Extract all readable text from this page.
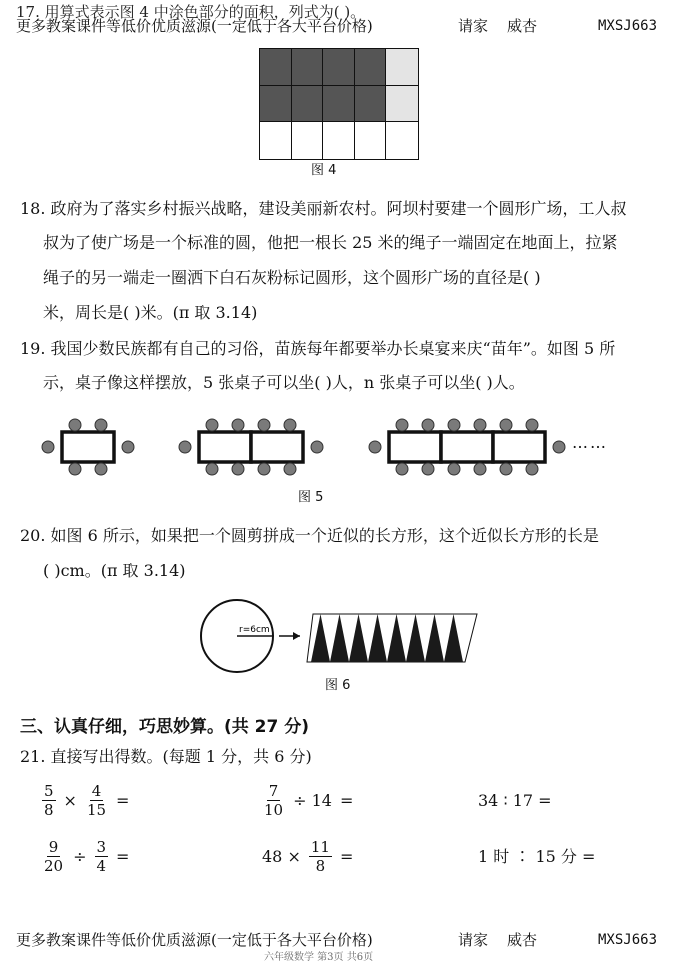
17. 用算式表示图 4 中涂色部分的面积，列式为( )。
更多教案课件等低价优质滋源(一定低于各大平台价格)	请家 威杏	MXSJ663
图 4
18. 政府为了落实乡村振兴战略，建设美丽新农村。阿坝村要建一个圆形广场，工人叔
叔为了使广场是一个标准的圆，他把一根长 25 米的绳子一端固定在地面上，拉紧
绳子的另一端走一圈洒下白石灰粉标记圆形，这个圆形广场的直径是( )
米，周长是( )米。(π 取 3.14)
19. 我国少数民族都有自己的习俗，苗族每年都要举办长桌宴来庆“苗年”。如图 5 所
示，桌子像这样摆放，5 张桌子可以坐( )人，n 张桌子可以坐( )人。
……
图 5
20. 如图 6 所示，如果把一个圆剪拼成一个近似的长方形，这个近似长方形的长是
( )cm。(π 取 3.14)
r=6cm
图 6
三、认真仔细，巧思妙算。(共 27 分)
21. 直接写出得数。(每题 1 分，共 6 分)
$\frac{5}{8} \times \frac{4}{15}$ =	$\frac{7}{10} \div 14$ =	34 ∶ 17 =
$\frac{9}{20} \div \frac{3}{4}$ =	$48 \times \frac{11}{8}$ =	1 时 ∶ 15 分 =
更多教案课件等低价优质滋源(一定低于各大平台价格)	请家 威杏	MXSJ663
六年级数学 第3页 共6页
